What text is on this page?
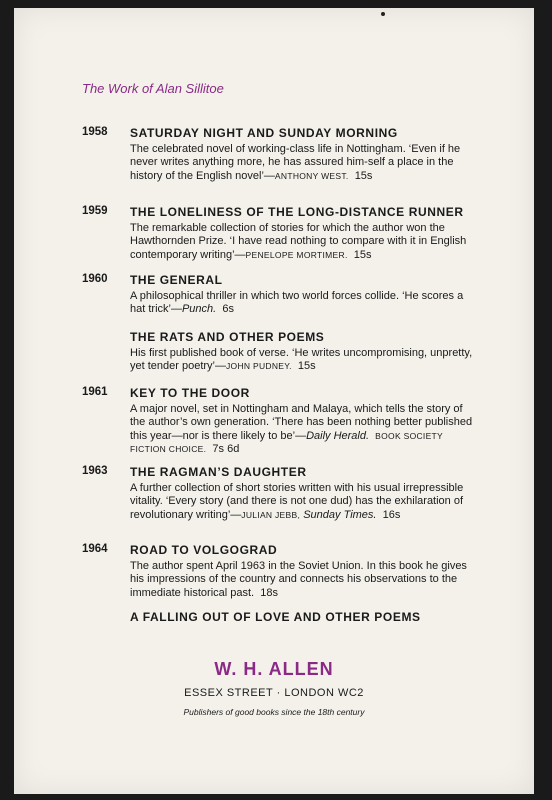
The Work of Alan Sillitoe
1958 SATURDAY NIGHT AND SUNDAY MORNING
The celebrated novel of working-class life in Nottingham. ‘Even if he never writes anything more, he has assured him-self a place in the history of the English novel’—ANTHONY WEST. 15s
1959 THE LONELINESS OF THE LONG-DISTANCE RUNNER
The remarkable collection of stories for which the author won the Hawthornden Prize. ‘I have read nothing to compare with it in English contemporary writing’—PENELOPE MORTIMER. 15s
1960 THE GENERAL
A philosophical thriller in which two world forces collide. ‘He scores a hat trick’—Punch. 6s
THE RATS AND OTHER POEMS
His first published book of verse. ‘He writes uncompromising, unpretty, yet tender poetry’—JOHN PUDNEY. 15s
1961 KEY TO THE DOOR
A major novel, set in Nottingham and Malaya, which tells the story of the author’s own generation. ‘There has been nothing better published this year—nor is there likely to be’—Daily Herald. BOOK SOCIETY FICTION CHOICE. 7s 6d
1963 THE RAGMAN’S DAUGHTER
A further collection of short stories written with his usual irrepressible vitality. ‘Every story (and there is not one dud) has the exhilaration of revolutionary writing’—JULIAN JEBB, Sunday Times. 16s
1964 ROAD TO VOLGOGRAD
The author spent April 1963 in the Soviet Union. In this book he gives his impressions of the country and connects his observations to the immediate historical past. 18s
A FALLING OUT OF LOVE AND OTHER POEMS
W. H. ALLEN
ESSEX STREET · LONDON WC2
Publishers of good books since the 18th century
